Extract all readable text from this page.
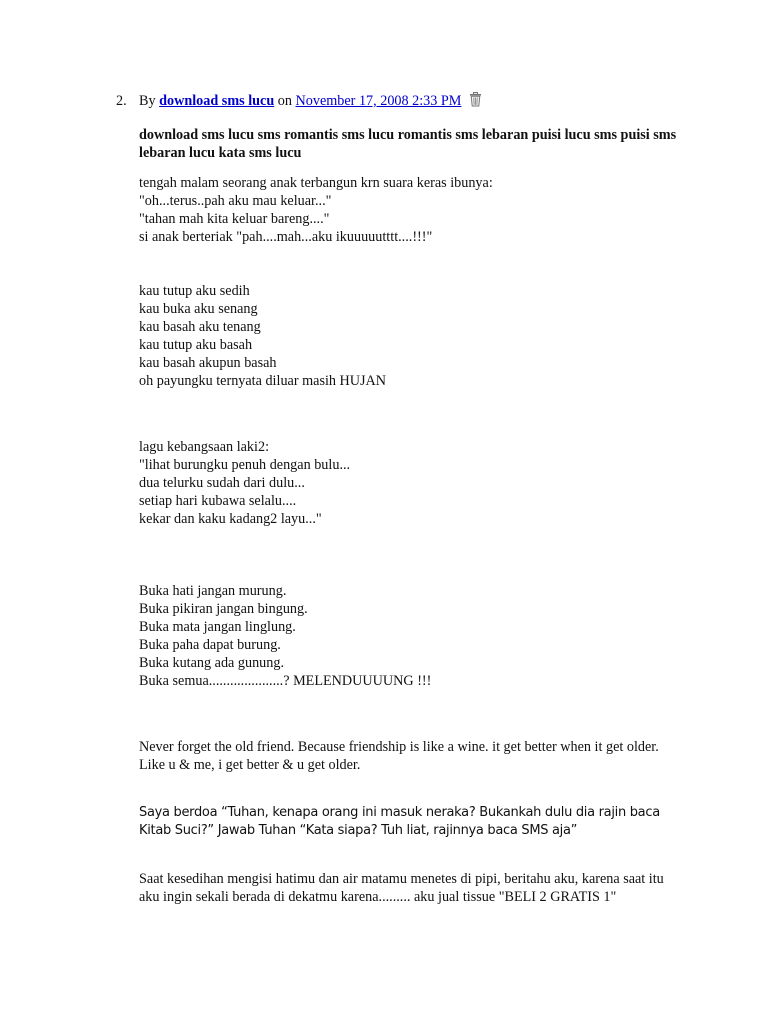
2. By download sms lucu on November 17, 2008 2:33 PM

download sms lucu sms romantis sms lucu romantis sms lebaran puisi lucu sms puisi sms lebaran lucu kata sms lucu

tengah malam seorang anak terbangun krn suara keras ibunya:
"oh...terus..pah aku mau keluar..."
"tahan mah kita keluar bareng...."
si anak berteriak "pah....mah...aku ikuuuuutttt....!!!"

kau tutup aku sedih
kau buka aku senang
kau basah aku tenang
kau tutup aku basah
kau basah akupun basah
oh payungku ternyata diluar masih HUJAN

lagu kebangsaan laki2:
"lihat burungku penuh dengan bulu...
dua telurku sudah dari dulu...
setiap hari kubawa selalu....
kekar dan kaku kadang2 layu..."

Buka hati jangan murung.
Buka pikiran jangan bingung.
Buka mata jangan linglung.
Buka paha dapat burung.
Buka kutang ada gunung.
Buka semua.....................? MELENDUUUUNG !!!

Never forget the old friend. Because friendship is like a wine. it get better when it get older. Like u & me, i get better & u get older.

Saya berdoa “Tuhan, kenapa orang ini masuk neraka? Bukankah dulu dia rajin baca Kitab Suci?” Jawab Tuhan “Kata siapa? Tuh liat, rajinnya baca SMS aja”

Saat kesedihan mengisi hatimu dan air matamu menetes di pipi, beritahu aku, karena saat itu aku ingin sekali berada di dekatmu karena......... aku jual tissue "BELI 2 GRATIS 1"
